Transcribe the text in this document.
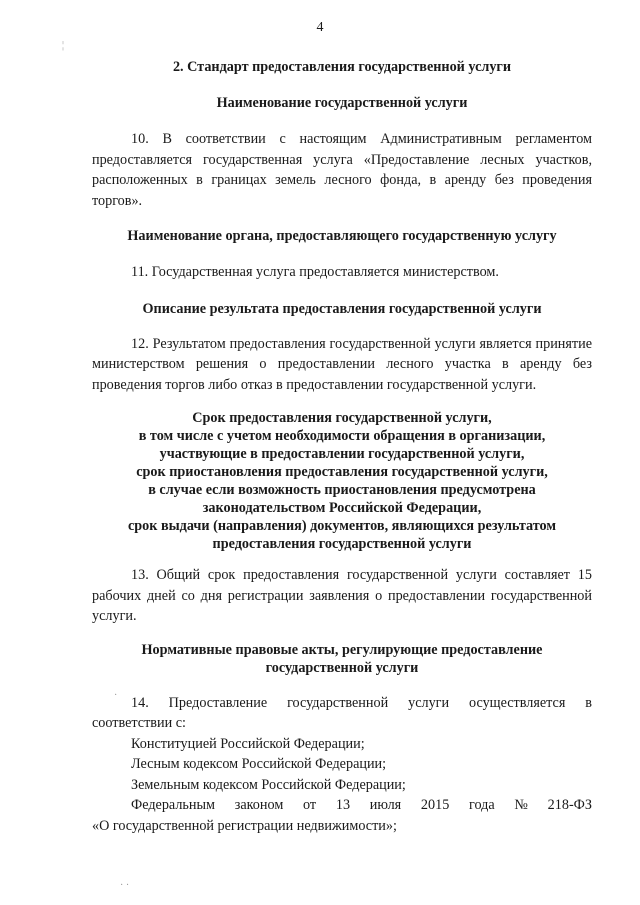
4

2. Стандарт предоставления государственной услуги

Наименование государственной услуги

10. В соответствии с настоящим Административным регламентом предоставляется государственная услуга «Предоставление лесных участков, расположенных в границах земель лесного фонда, в аренду без проведения торгов».

Наименование органа, предоставляющего государственную услугу

11. Государственная услуга предоставляется министерством.

Описание результата предоставления государственной услуги

12. Результатом предоставления государственной услуги является принятие министерством решения о предоставлении лесного участка в аренду без проведения торгов либо отказ в предоставлении государственной услуги.

Срок предоставления государственной услуги,

в том числе с учетом необходимости обращения в организации,

участвующие в предоставлении государственной услуги,

срок приостановления предоставления государственной услуги,

в случае если возможность приостановления предусмотрена

законодательством Российской Федерации,

срок выдачи (направления) документов, являющихся результатом

предоставления государственной услуги

13. Общий срок предоставления государственной услуги составляет 15 рабочих дней со дня регистрации заявления о предоставлении государственной услуги.

Нормативные правовые акты, регулирующие предоставление

государственной услуги

14. Предоставление государственной услуги осуществляется в соответствии с:

Конституцией Российской Федерации;

Лесным кодексом Российской Федерации;

Земельным кодексом Российской Федерации;

Федеральным законом от 13 июля 2015 года № 218-ФЗ
«О государственной регистрации недвижимости»;
¦
·
· ·
